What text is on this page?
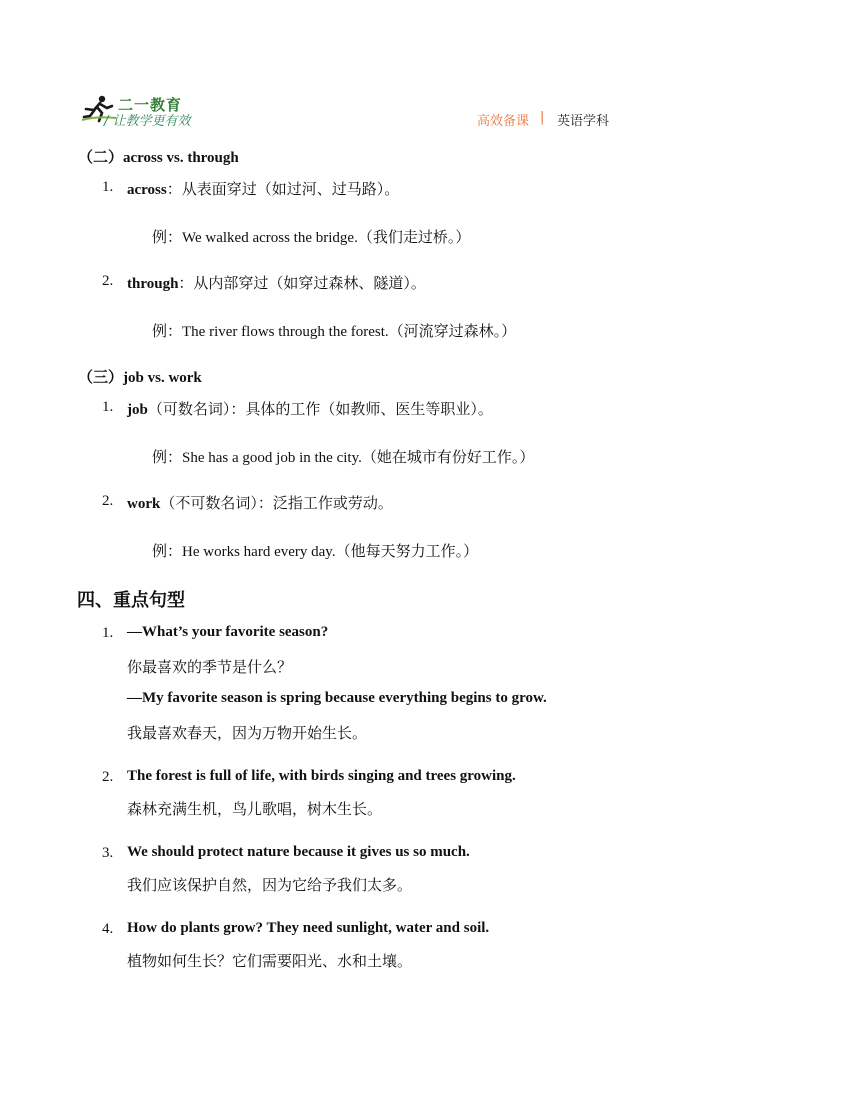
二一教育
/ 让教学更有效	高效备课 | 英语学科
（二）across vs. through
1. across：从表面穿过（如过河、过马路）。
例：We walked across the bridge.（我们走过桥。）
2. through：从内部穿过（如穿过森林、隧道）。
例：The river flows through the forest.（河流穿过森林。）
（三）job vs. work
1. job（可数名词）：具体的工作（如教师、医生等职业）。
例：She has a good job in the city.（她在城市有份好工作。）
2. work（不可数名词）：泛指工作或劳动。
例：He works hard every day.（他每天努力工作。）
四、重点句型
1. —What’s your favorite season?
你最喜欢的季节是什么？
—My favorite season is spring because everything begins to grow.
我最喜欢春天，因为万物开始生长。
2. The forest is full of life, with birds singing and trees growing.
森林充满生机，鸟儿歌唱，树木生长。
3. We should protect nature because it gives us so much.
我们应该保护自然，因为它给予我们太多。
4. How do plants grow? They need sunlight, water and soil.
植物如何生长？它们需要阳光、水和土壤。
